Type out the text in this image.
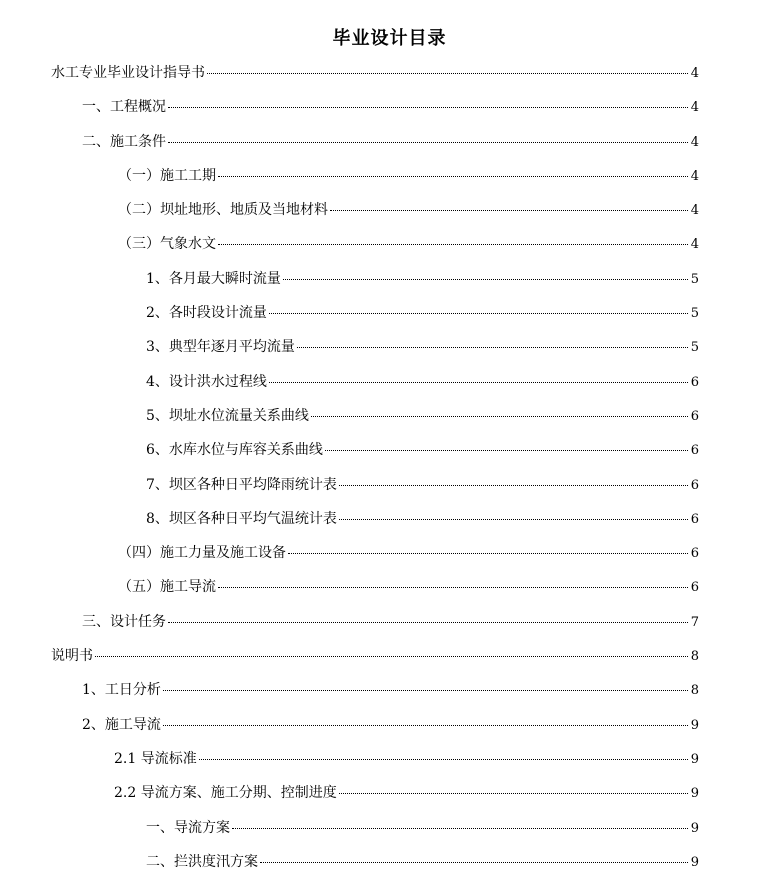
毕业设计目录
水工专业毕业设计指导书	4
一、工程概况	4
二、施工条件	4
（一）施工工期	4
（二）坝址地形、地质及当地材料	4
（三）气象水文	4
1、各月最大瞬时流量	5
2、各时段设计流量	5
3、典型年逐月平均流量	5
4、设计洪水过程线	6
5、坝址水位流量关系曲线	6
6、水库水位与库容关系曲线	6
7、坝区各种日平均降雨统计表	6
8、坝区各种日平均气温统计表	6
（四）施工力量及施工设备	6
（五）施工导流	6
三、设计任务	7
说明书	8
1、工日分析	8
2、施工导流	9
2.1 导流标准	9
2.2 导流方案、施工分期、控制进度	9
一、导流方案	9
二、拦洪度汛方案	9
